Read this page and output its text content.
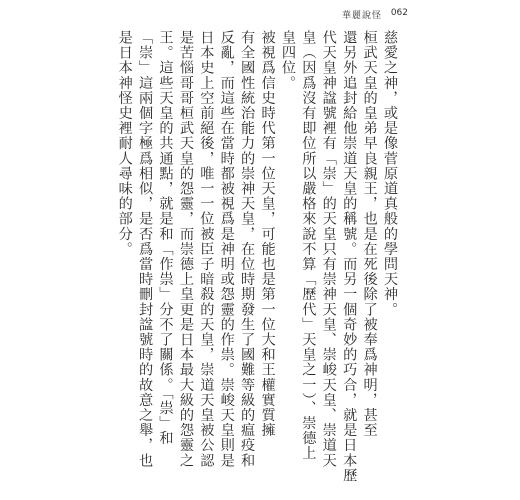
華麗說怪 062
慈愛之神，或是像菅原道真般的學問天神。
桓武天皇的皇弟早良親王，也是在死後除了被奉爲神明，甚至
還另外追封給他崇道天皇的稱號。而另一個奇妙的巧合，就是日本歷
代天皇神諡號裡有「崇」的天皇只有崇神天皇、崇峻天皇、崇道天
皇（因爲沒有即位所以嚴格來說不算「歷代」天皇之一）、崇德上
皇四位。
被視爲信史時代第一位天皇，可能也是第一位大和王權實質擁
有全國性統治能力的崇神天皇，在位時期發生了國難等級的瘟疫和
反亂，而這些在當時都被視爲是神明或怨靈的作祟。崇峻天皇則是
日本史上空前絕後，唯一一位被臣子暗殺的天皇，崇道天皇被公認
是苦惱哥哥桓武天皇的怨靈，而崇德上皇更是日本最大級的怨靈之
王。這些天皇的共通點，就是和「作祟」分不了關係。「祟」和
「崇」這兩個字極爲相似，是否爲當時刪封諡號時的故意之舉，也
是日本神怪史裡耐人尋味的部分。
